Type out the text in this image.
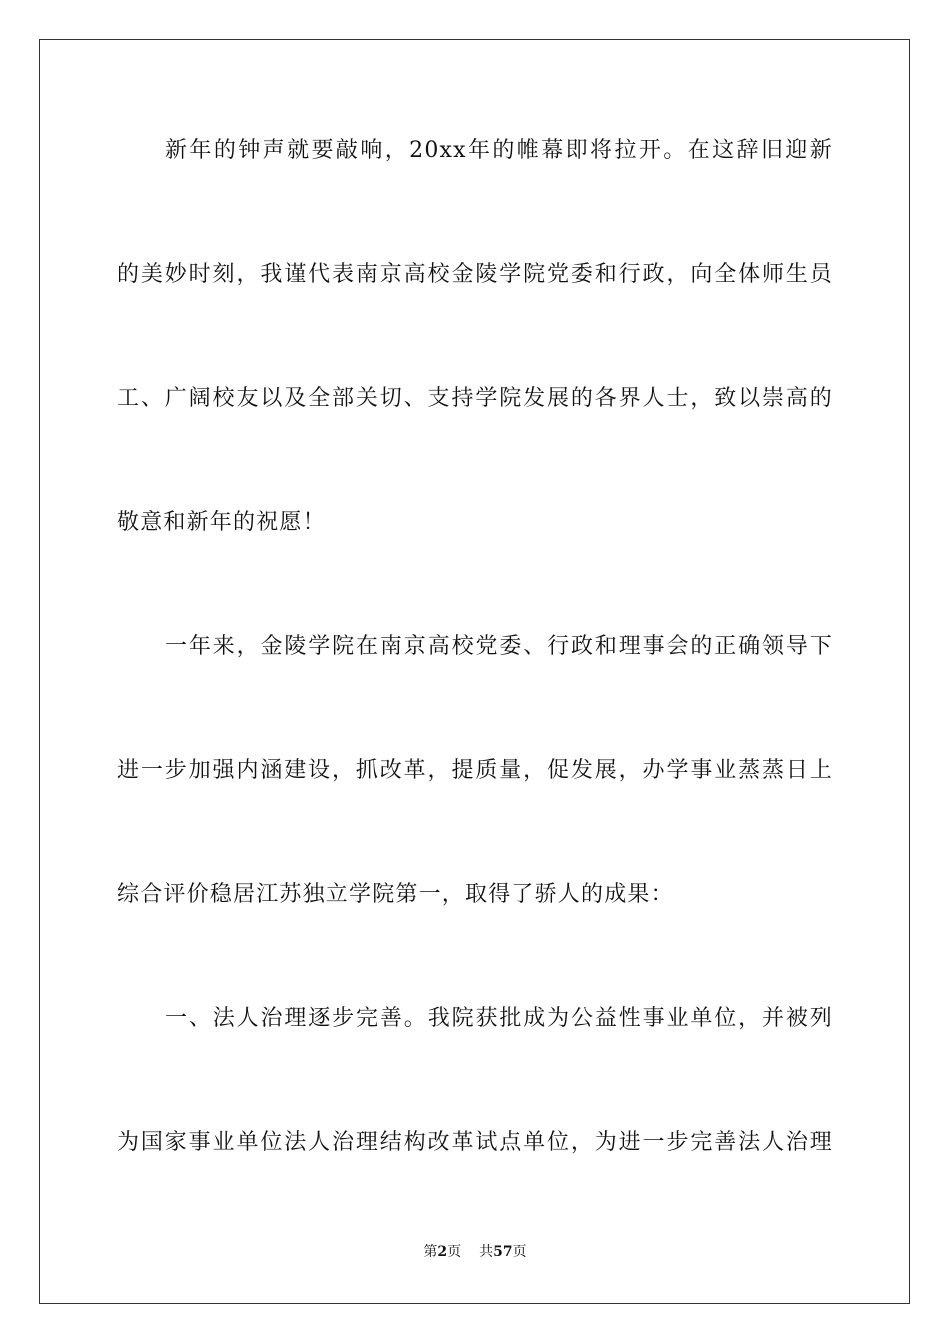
新年的钟声就要敲响，20xx年的帷幕即将拉开。在这辞旧迎新
的美妙时刻，我谨代表南京高校金陵学院党委和行政，向全体师生员
工、广阔校友以及全部关切、支持学院发展的各界人士，致以崇高的
敬意和新年的祝愿！
一年来，金陵学院在南京高校党委、行政和理事会的正确领导下
进一步加强内涵建设，抓改革，提质量，促发展，办学事业蒸蒸日上
综合评价稳居江苏独立学院第一，取得了骄人的成果：
一、法人治理逐步完善。我院获批成为公益性事业单位，并被列
为国家事业单位法人治理结构改革试点单位，为进一步完善法人治理
第2页 共57页
